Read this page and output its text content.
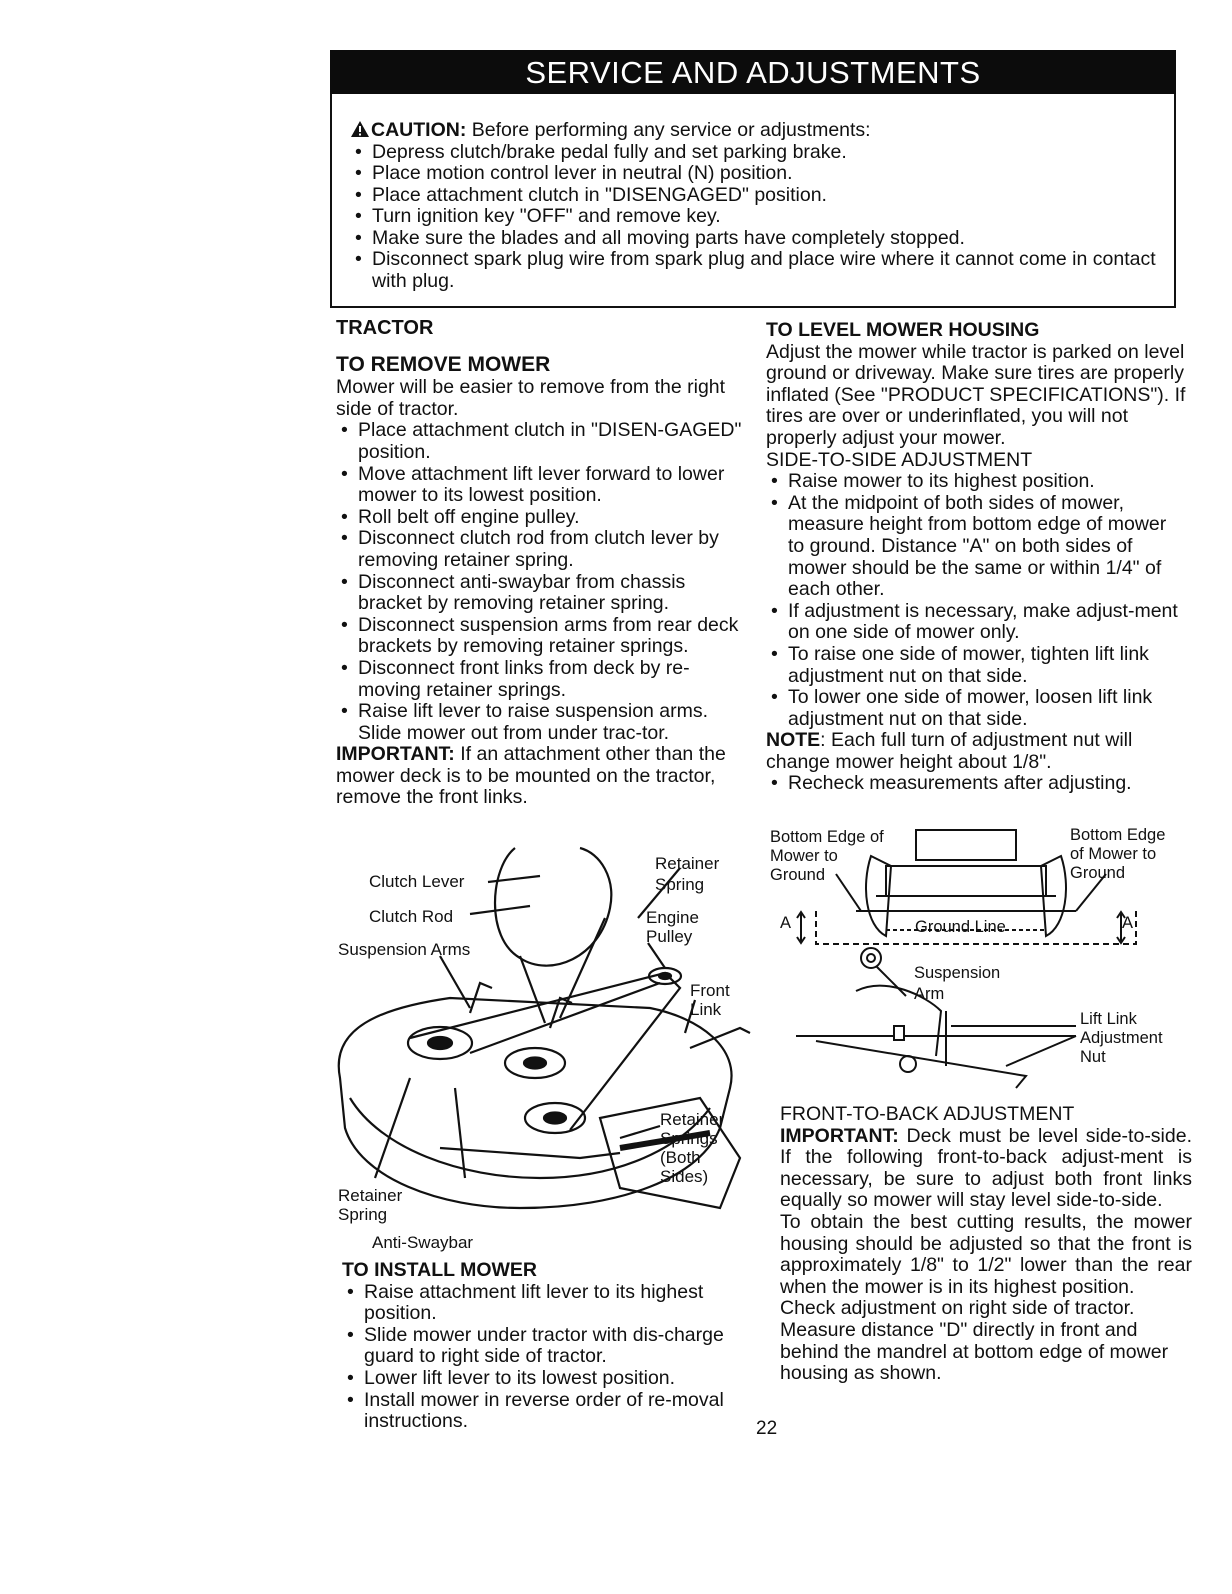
SERVICE AND ADJUSTMENTS

CAUTION: Before performing any service or adjustments:

• Depress clutch/brake pedal fully and set parking brake.
• Place motion control lever in neutral (N) position.
• Place attachment clutch in "DISENGAGED" position.
• Turn ignition key "OFF" and remove key.
• Make sure the blades and all moving parts have completely stopped.
• Disconnect spark plug wire from spark plug and place wire where it cannot come in contact with plug.

TRACTOR

TO REMOVE MOWER

Mower will be easier to remove from the right side of tractor.

• Place attachment clutch in "DISEN-GAGED" position.
• Move attachment lift lever forward to lower mower to its lowest position.
• Roll belt off engine pulley.
• Disconnect clutch rod from clutch lever by removing retainer spring.
• Disconnect anti-swaybar from chassis bracket by removing retainer spring.
• Disconnect suspension arms from rear deck brackets by removing retainer springs.
• Disconnect front links from deck by re-moving retainer springs.
• Raise lift lever to raise suspension arms. Slide mower out from under trac-tor.

IMPORTANT: If an attachment other than the mower deck is to be mounted on the tractor, remove the front links.

Retainer Spring
Clutch Lever
Clutch Rod	Engine Pulley
Suspension Arms
Front Link
Retainer Springs (Both Sides)
Retainer Spring
Anti-Swaybar

TO INSTALL MOWER

• Raise attachment lift lever to its highest position.
• Slide mower under tractor with dis-charge guard to right side of tractor.
• Lower lift lever to its lowest position.
• Install mower in reverse order of re-moval instructions.

TO LEVEL MOWER HOUSING

Adjust the mower while tractor is parked on level ground or driveway. Make sure tires are properly inflated (See "PRODUCT SPECIFICATIONS"). If tires are over or underinflated, you will not properly adjust your mower.

SIDE-TO-SIDE ADJUSTMENT

• Raise mower to its highest position.
• At the midpoint of both sides of mower, measure height from bottom edge of mower to ground. Distance "A" on both sides of mower should be the same or within 1/4" of each other.
• If adjustment is necessary, make adjust-ment on one side of mower only.
• To raise one side of mower, tighten lift link adjustment nut on that side.
• To lower one side of mower, loosen lift link adjustment nut on that side.

NOTE: Each full turn of adjustment nut will change mower height about 1/8".

• Recheck measurements after adjusting.
Bottom Edge of Mower to Ground
Bottom Edge of Mower to Ground
A	Ground Line	A
Suspension Arm
Lift Link Adjustment Nut

FRONT-TO-BACK ADJUSTMENT

IMPORTANT: Deck must be level side-to-side. If the following front-to-back adjust-ment is necessary, be sure to adjust both front links equally so mower will stay level side-to-side.

To obtain the best cutting results, the mower housing should be adjusted so that the front is approximately 1/8" to 1/2" lower than the rear when the mower is in its highest position.

Check adjustment on right side of tractor. Measure distance "D" directly in front and behind the mandrel at bottom edge of mower housing as shown.

22
